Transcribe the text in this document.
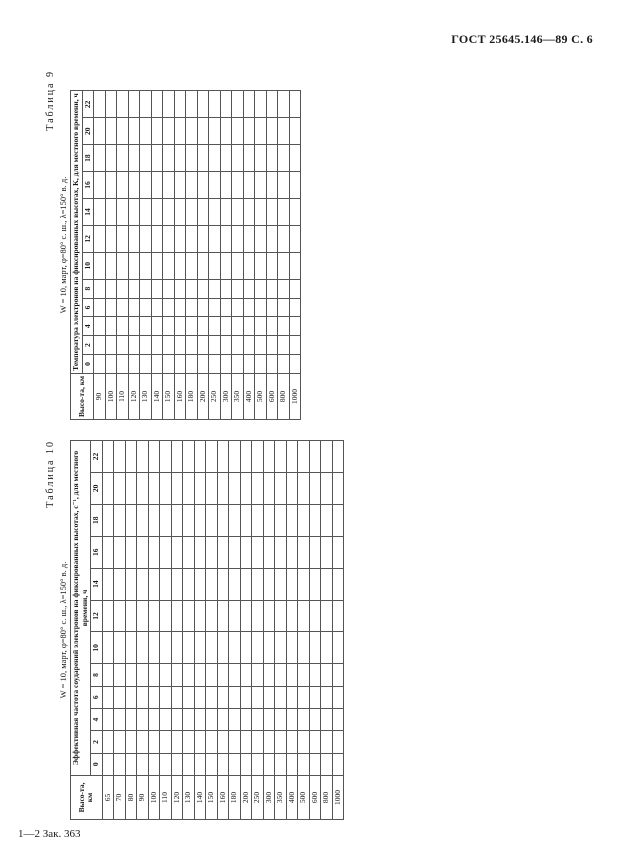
ГОСТ 25645.146—89 С. 6
Таблица 9
W = 10, март, φ=80° с. ш., λ=150° в. д.
Высо-та, км	Температура электронов на фиксированных высотах, K, для местного времени, ч											
	0	2	4	6	8	10	12	14	16	18	20	22
90												
100												
110												
120												
130												
140												
150												
160												
180												
200												
250												
300												
350												
400												
500												
600												
800												
1000												
Таблица 10
W = 10, март, φ=80° с. ш., λ=150° в. д.
Высо-та, км	Эффективная частота соударений электронов на фиксированных высотах, с⁻¹, для местного времени, ч											
	0	2	4	6	8	10	12	14	16	18	20	22
65												
70												
80												
90												
100												
110												
120												
130												
140												
150												
160												
180												
200												
250												
300												
350												
400												
500												
600												
800												
1000												
1—2 Зак. 363
